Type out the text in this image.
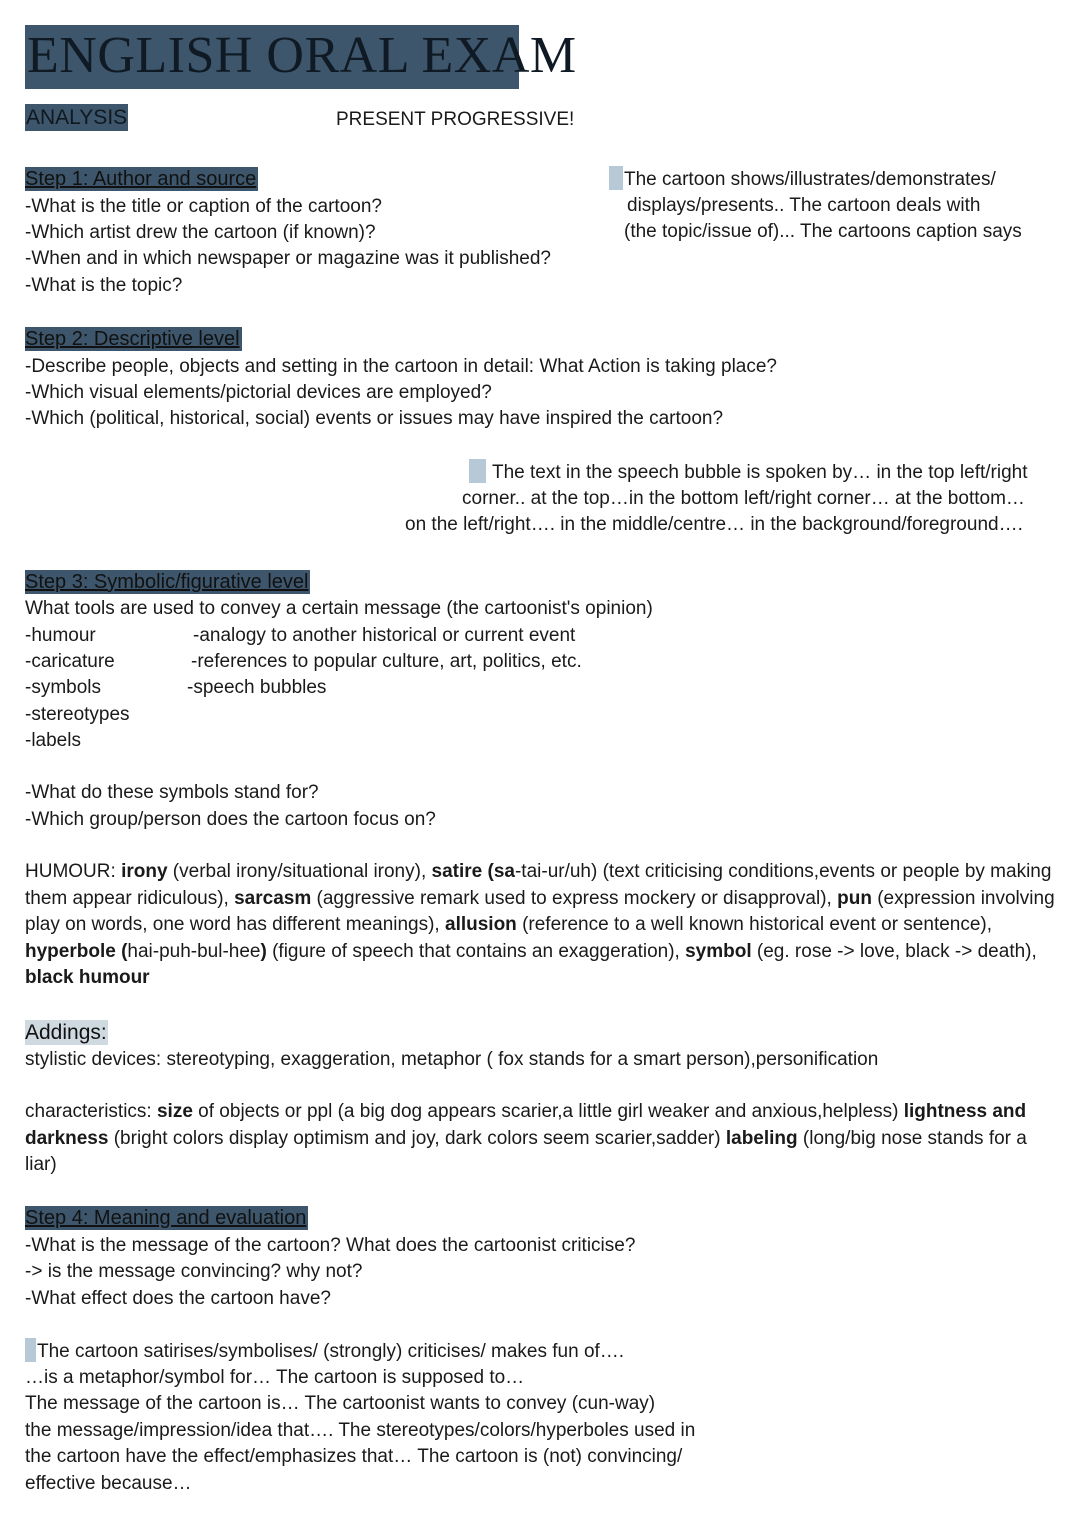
ENGLISH ORAL EXAM
ANALYSIS	PRESENT PROGRESSIVE!
Step 1: Author and source
-What is the title or caption of the cartoon?
-Which artist drew the cartoon (if known)?
-When and in which newspaper or magazine was it published?
-What is the topic?
The cartoon shows/illustrates/demonstrates/
displays/presents.. The cartoon deals with
(the topic/issue of)... The cartoons caption says
Step 2: Descriptive level
-Describe people, objects and setting in the cartoon in detail: What Action is taking place?
-Which visual elements/pictorial devices are employed?
-Which (political, historical, social) events or issues may have inspired the cartoon?
The text in the speech bubble is spoken by… in the top left/right
corner.. at the top…in the bottom left/right corner… at the bottom…
on the left/right…. in the middle/centre… in the background/foreground….
Step 3: Symbolic/figurative level
What tools are used to convey a certain message (the cartoonist's opinion)
-humour
-caricature
-symbols
-stereotypes
-labels
-analogy to another historical or current event
-references to popular culture, art, politics, etc.
-speech bubbles
-What do these symbols stand for?
-Which group/person does the cartoon focus on?
HUMOUR: irony (verbal irony/situational irony), satire (sa-tai-ur/uh) (text criticising conditions,events or people by making them appear ridiculous), sarcasm (aggressive remark used to express mockery or disapproval), pun (expression involving play on words, one word has different meanings), allusion (reference to a well known historical event or sentence), hyperbole (hai-puh-bul-hee) (figure of speech that contains an exaggeration), symbol (eg. rose -> love, black -> death), black humour
Addings:
stylistic devices: stereotyping, exaggeration, metaphor ( fox stands for a smart person),personification
characteristics: size of objects or ppl (a big dog appears scarier,a little girl weaker and anxious,helpless) lightness and darkness (bright colors display optimism and joy, dark colors seem scarier,sadder) labeling (long/big nose stands for a liar)
Step 4: Meaning and evaluation
-What is the message of the cartoon? What does the cartoonist criticise?
-> is the message convincing? why not?
-What effect does the cartoon have?
The cartoon satirises/symbolises/ (strongly) criticises/ makes fun of….
…is a metaphor/symbol for… The cartoon is supposed to…
The message of the cartoon is… The cartoonist wants to convey (cun-way)
the message/impression/idea that…. The stereotypes/colors/hyperboles used in
the cartoon have the effect/emphasizes that… The cartoon is (not) convincing/
effective because…
